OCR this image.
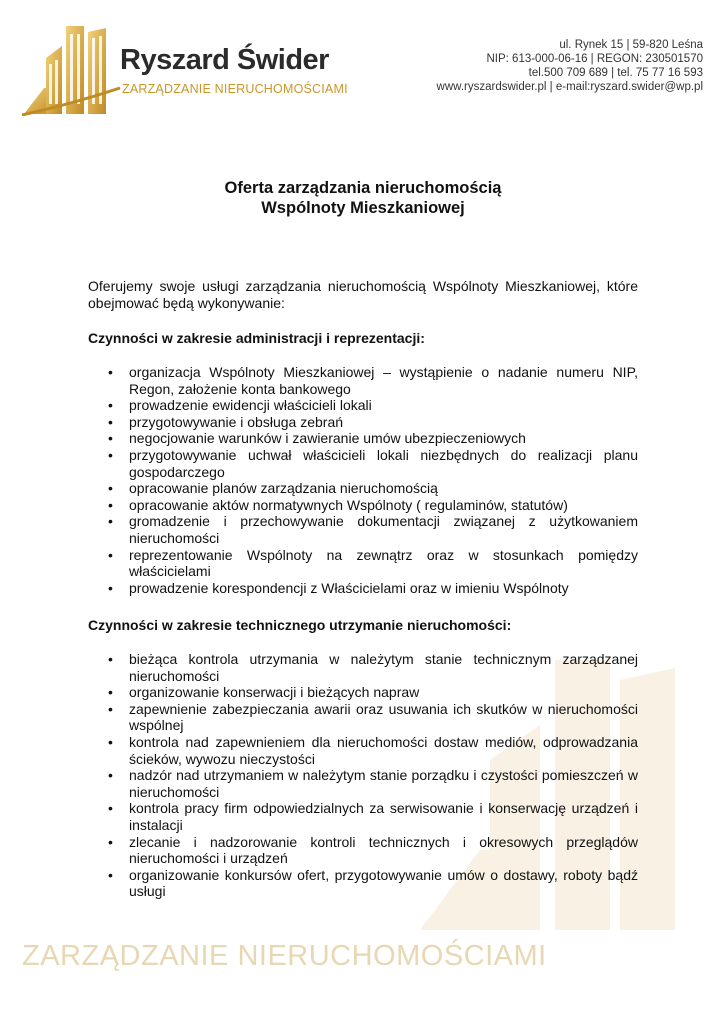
Ryszard Świder
ZARZĄDZANIE NIERUCHOMOŚCIAMI
ul. Rynek 15 | 59-820 Leśna
NIP: 613-000-06-16 | REGON: 230501570
tel.500 709 689 | tel. 75 77 16 593
www.ryszardswider.pl | e-mail:ryszard.swider@wp.pl
ZARZĄDZANIE NIERUCHOMOŚCIAMI
Oferta zarządzania nieruchomością
Wspólnoty Mieszkaniowej
Oferujemy swoje usługi zarządzania nieruchomością Wspólnoty Mieszkaniowej, które obejmować będą wykonywanie:
Czynności w zakresie administracji i reprezentacji:
• organizacja Wspólnoty Mieszkaniowej – wystąpienie o nadanie numeru NIP, Regon, założenie konta bankowego
• prowadzenie ewidencji właścicieli lokali
• przygotowywanie i obsługa zebrań
• negocjowanie warunków i zawieranie umów ubezpieczeniowych
• przygotowywanie uchwał właścicieli lokali niezbędnych do realizacji planu gospodarczego
• opracowanie planów zarządzania nieruchomością
• opracowanie aktów normatywnych Wspólnoty ( regulaminów, statutów)
• gromadzenie i przechowywanie dokumentacji związanej z użytkowaniem nieruchomości
• reprezentowanie Wspólnoty na zewnątrz oraz w stosunkach pomiędzy właścicielami
• prowadzenie korespondencji z Właścicielami oraz w imieniu Wspólnoty
Czynności w zakresie technicznego utrzymanie nieruchomości:
• bieżąca kontrola utrzymania w należytym stanie technicznym zarządzanej nieruchomości
• organizowanie konserwacji i bieżących napraw
• zapewnienie zabezpieczania awarii oraz usuwania ich skutków w nieruchomości wspólnej
• kontrola nad zapewnieniem dla nieruchomości dostaw mediów, odprowadzania ścieków, wywozu nieczystości
• nadzór nad utrzymaniem w należytym stanie porządku i czystości pomieszczeń w nieruchomości
• kontrola pracy firm odpowiedzialnych za serwisowanie i konserwację urządzeń i instalacji
• zlecanie i nadzorowanie kontroli technicznych i okresowych przeglądów nieruchomości i urządzeń
• organizowanie konkursów ofert, przygotowywanie umów o dostawy, roboty bądź usługi
